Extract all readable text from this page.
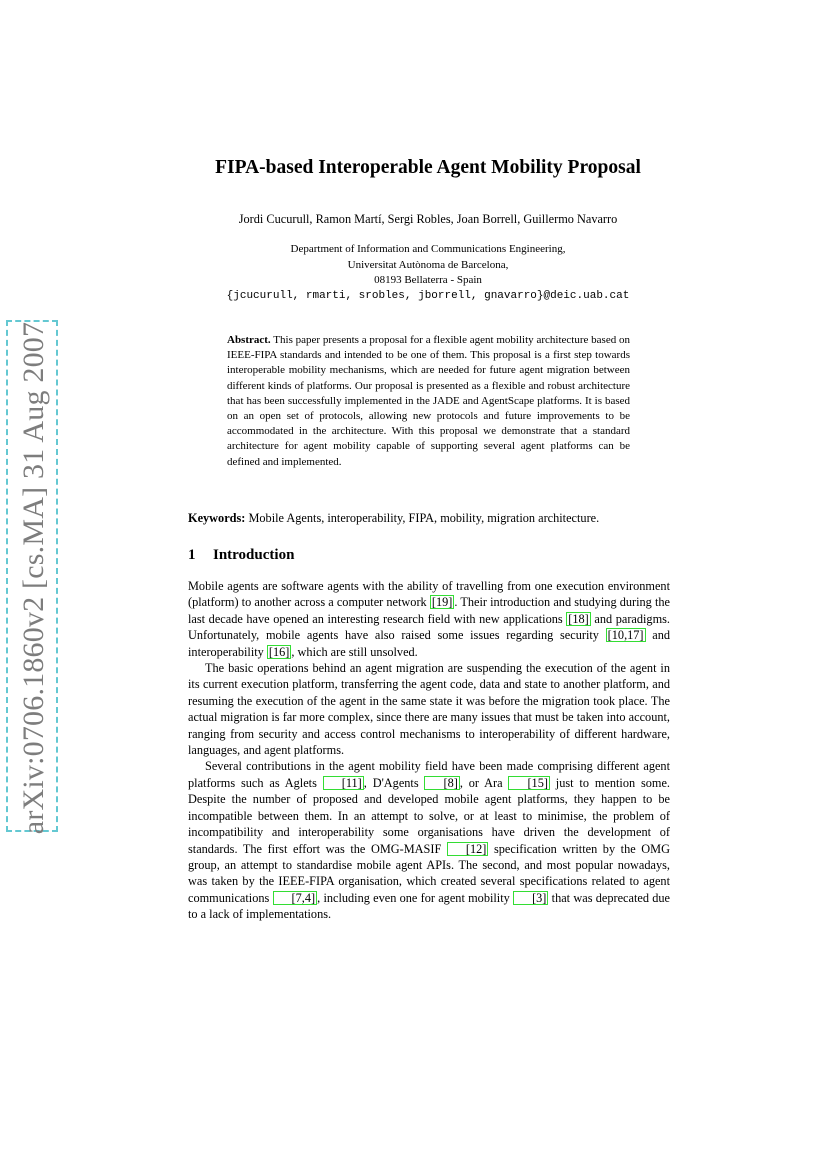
arXiv:0706.1860v2 [cs.MA] 31 Aug 2007
FIPA-based Interoperable Agent Mobility Proposal
Jordi Cucurull, Ramon Martí, Sergi Robles, Joan Borrell, Guillermo Navarro
Department of Information and Communications Engineering,
Universitat Autònoma de Barcelona,
08193 Bellaterra - Spain
{jcucurull, rmarti, srobles, jborrell, gnavarro}@deic.uab.cat
Abstract. This paper presents a proposal for a flexible agent mobility architecture based on IEEE-FIPA standards and intended to be one of them. This proposal is a first step towards interoperable mobility mechanisms, which are needed for future agent migration between different kinds of platforms. Our proposal is presented as a flexible and robust architecture that has been successfully implemented in the JADE and AgentScape platforms. It is based on an open set of protocols, allowing new protocols and future improvements to be accommodated in the architecture. With this proposal we demonstrate that a standard architecture for agent mobility capable of supporting several agent platforms can be defined and implemented.
Keywords: Mobile Agents, interoperability, FIPA, mobility, migration architecture.
1 Introduction

Mobile agents are software agents with the ability of travelling from one execution environment (platform) to another across a computer network [19] . Their introduction and studying during the last decade have opened an interesting research field with new applications [18] and paradigms. Unfortunately, mobile agents have also raised some issues regarding security [10,17] and interoperability [16] , which are still unsolved.

The basic operations behind an agent migration are suspending the execution of the agent in its current execution platform, transferring the agent code, data and state to another platform, and resuming the execution of the agent in the same state it was before the migration took place. The actual migration is far more complex, since there are many issues that must be taken into account, ranging from security and access control mechanisms to interoperability of different hardware, languages, and agent platforms.

Several contributions in the agent mobility field have been made comprising different agent platforms such as Aglets [11] , D'Agents [8] , or Ara [15] just to mention some. Despite the number of proposed and developed mobile agent platforms, they happen to be incompatible between them. In an attempt to solve, or at least to minimise, the problem of incompatibility and interoperability some organisations have driven the development of standards. The first effort was the OMG-MASIF [12] specification written by the OMG group, an attempt to standardise mobile agent APIs. The second, and most popular nowadays, was taken by the IEEE-FIPA organisation, which created several specifications related to agent communications [7,4] , including even one for agent mobility [3] that was deprecated due to a lack of implementations.
